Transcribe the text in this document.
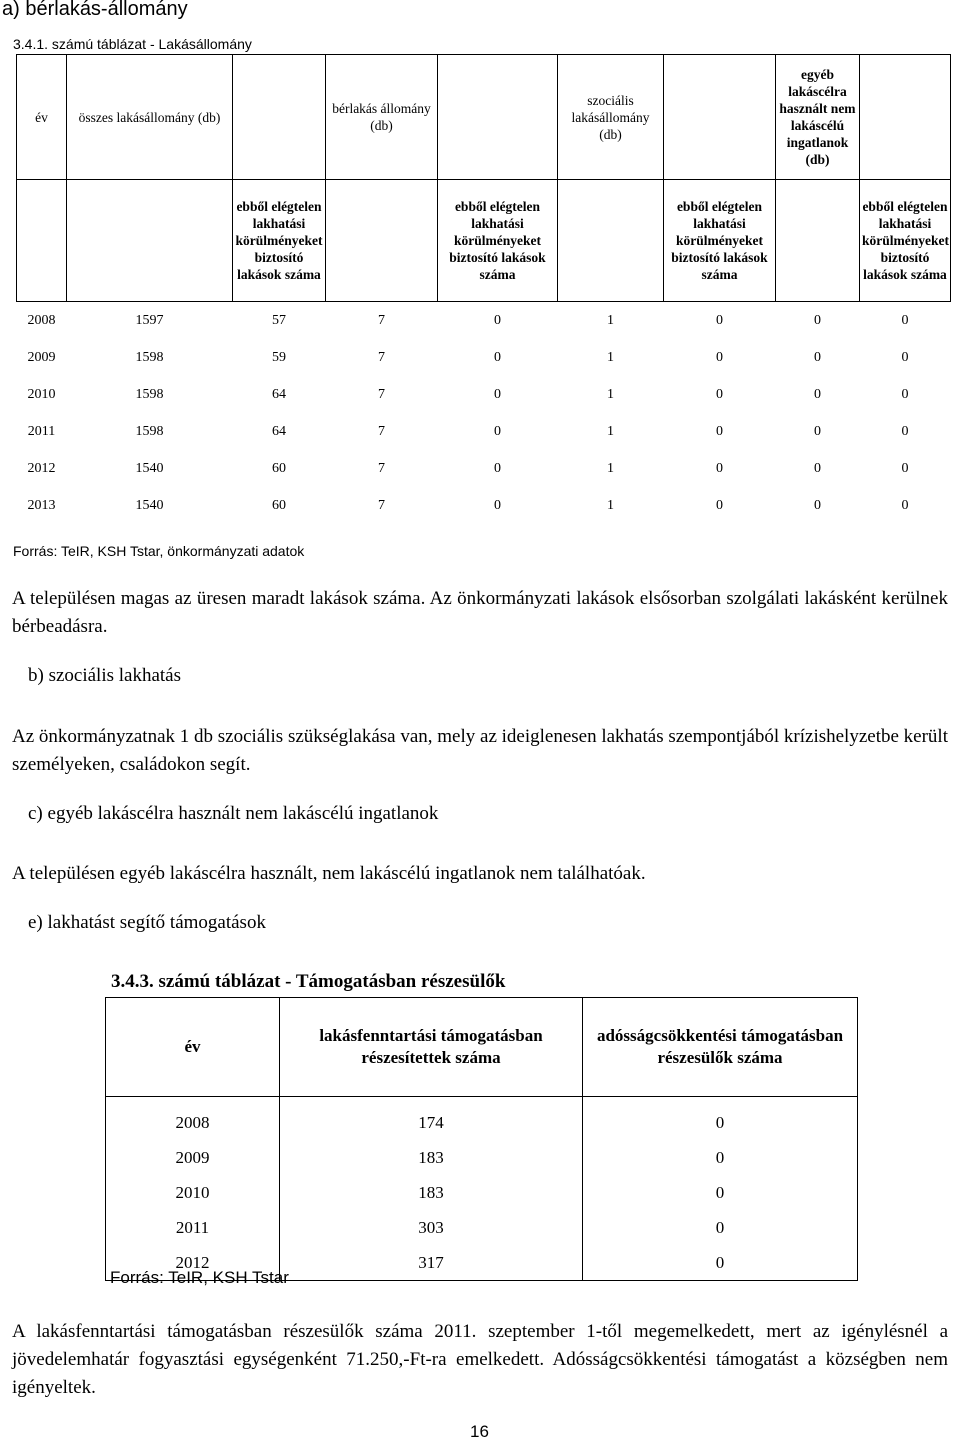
a) bérlakás-állomány
3.4.1. számú táblázat - Lakásállomány
év	összes lakásállomány (db)		bérlakás állomány (db)		szociális lakásállomány (db)		egyéb lakáscélra használt nem lakáscélú ingatlanok (db)	
		ebből elégtelen lakhatási körülményeket biztosító lakások száma		ebből elégtelen lakhatási körülményeket biztosító lakások száma		ebből elégtelen lakhatási körülményeket biztosító lakások száma		ebből elégtelen lakhatási körülményeket biztosító lakások száma
2008	1597	57	7	0	1	0	0	0
2009	1598	59	7	0	1	0	0	0
2010	1598	64	7	0	1	0	0	0
2011	1598	64	7	0	1	0	0	0
2012	1540	60	7	0	1	0	0	0
2013	1540	60	7	0	1	0	0	0
Forrás: TeIR, KSH Tstar, önkormányzati adatok
A településen magas az üresen maradt lakások száma. Az önkormányzati lakások elsősorban szolgálati lakásként kerülnek bérbeadásra.
b) szociális lakhatás
Az önkormányzatnak 1 db szociális szükséglakása van, mely az ideiglenesen lakhatás szempontjából krízishelyzetbe került személyeken, családokon segít.
c) egyéb lakáscélra használt nem lakáscélú ingatlanok
A településen egyéb lakáscélra használt, nem lakáscélú ingatlanok nem találhatóak.
e) lakhatást segítő támogatások
3.4.3. számú táblázat - Támogatásban részesülők
év	lakásfenntartási támogatásban részesítettek száma	adósságcsökkentési támogatásban részesülők száma

2008	174	0
2009	183	0
2010	183	0
2011	303	0
2012	317	0
Forrás: TeIR, KSH Tstar
A lakásfenntartási támogatásban részesülők száma 2011. szeptember 1-től megemelkedett, mert az igénylésnél a jövedelemhatár fogyasztási egységenként 71.250,-Ft-ra emelkedett. Adósságcsökkentési támogatást a községben nem igényeltek.
16
